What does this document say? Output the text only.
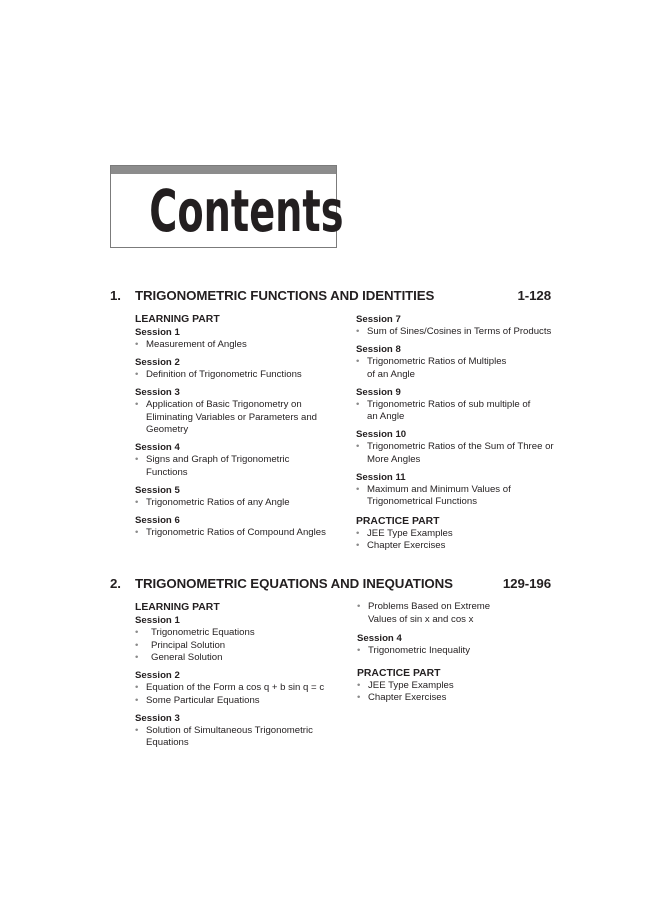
Contents
1. TRIGONOMETRIC FUNCTIONS AND IDENTITIES	1-128
LEARNING PART
Session 1
• Measurement of Angles
Session 2
• Definition of Trigonometric Functions
Session 3
• Application of Basic Trigonometry on Eliminating Variables or Parameters and Geometry
Session 4
• Signs and Graph of Trigonometric Functions
Session 5
• Trigonometric Ratios of any Angle
Session 6
• Trigonometric Ratios of Compound Angles
Session 7
• Sum of Sines/Cosines in Terms of Products
Session 8
• Trigonometric Ratios of Multiples of an Angle
Session 9
• Trigonometric Ratios of sub multiple of an Angle
Session 10
• Trigonometric Ratios of the Sum of Three or More Angles
Session 11
• Maximum and Minimum Values of Trigonometrical Functions
PRACTICE PART
• JEE Type Examples
• Chapter Exercises
2. TRIGONOMETRIC EQUATIONS AND INEQUATIONS	129-196
LEARNING PART
Session 1
• Trigonometric Equations
• Principal Solution
• General Solution
Session 2
• Equation of the Form a cos q + b sin q = c
• Some Particular Equations
Session 3
• Solution of Simultaneous Trigonometric Equations
• Problems Based on Extreme Values of sin x and cos x
Session 4
• Trigonometric Inequality
PRACTICE PART
• JEE Type Examples
• Chapter Exercises
